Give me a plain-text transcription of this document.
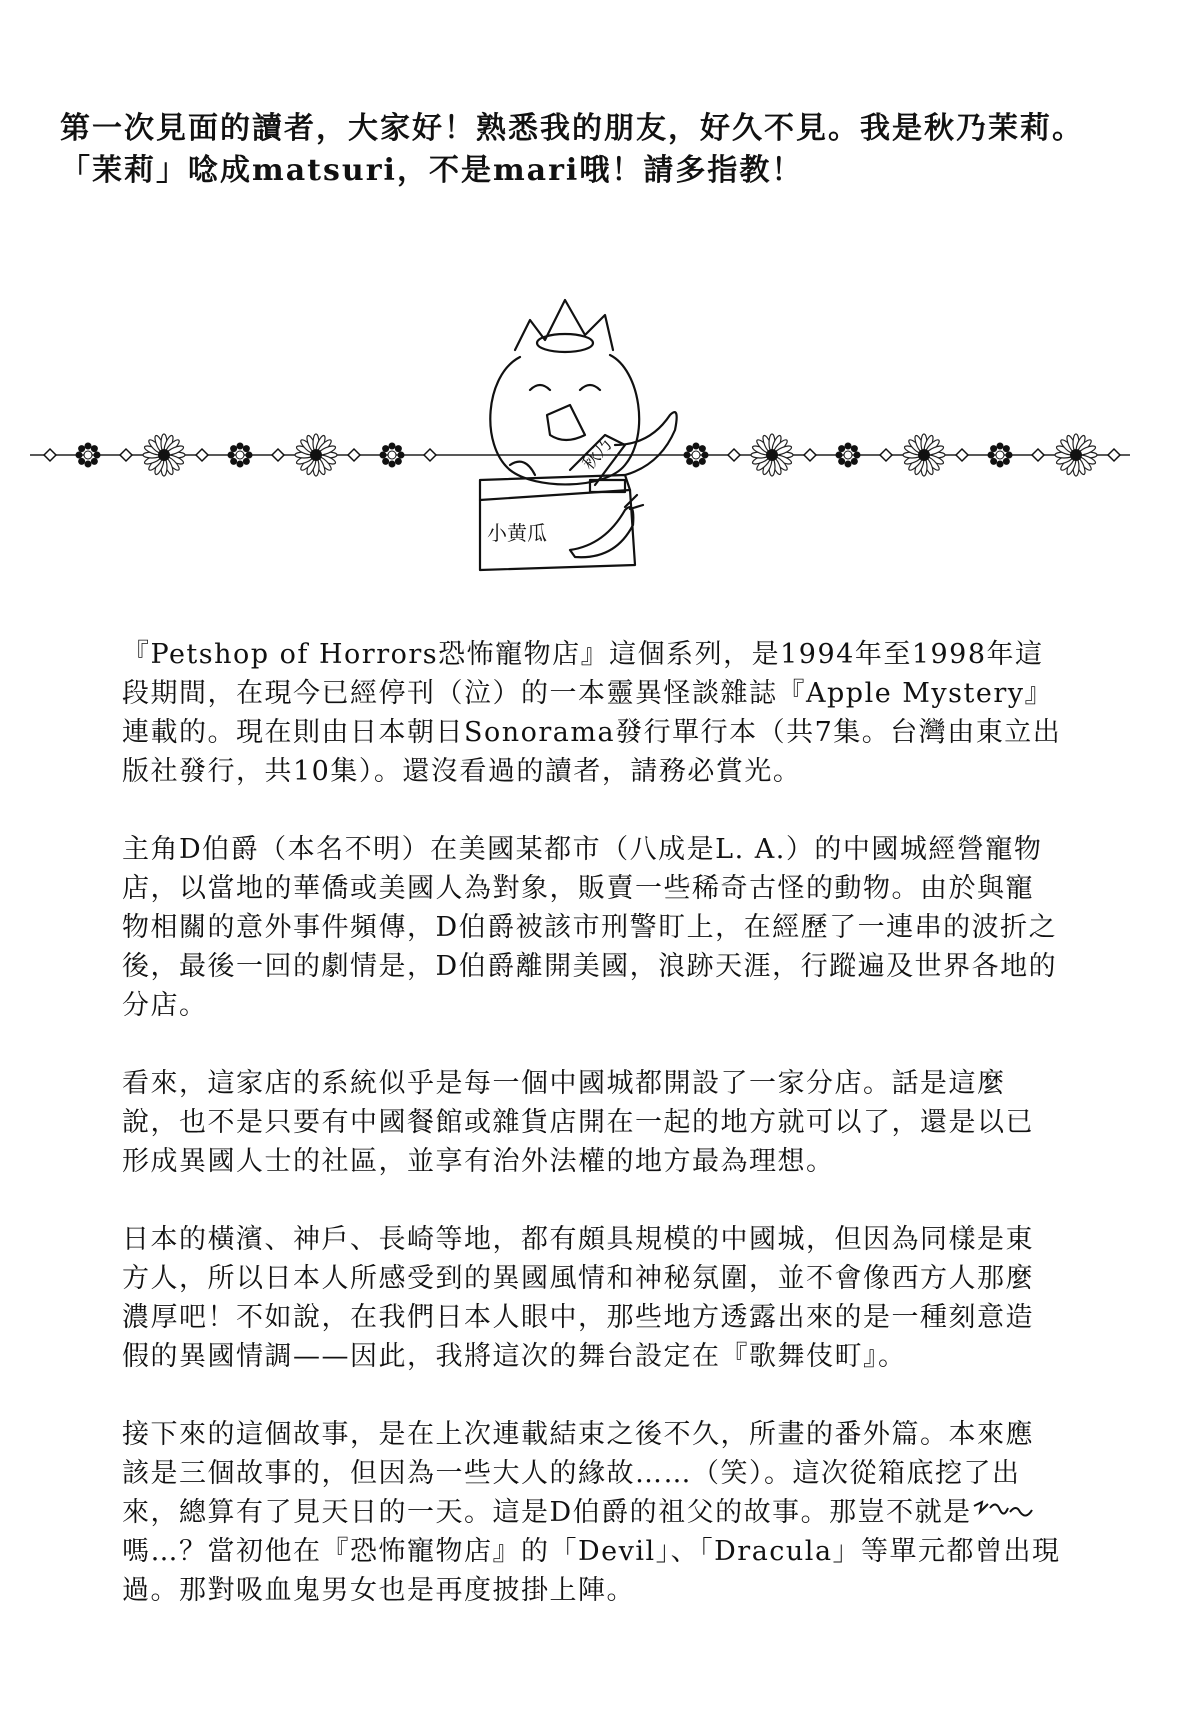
第一次見面的讀者，大家好！熟悉我的朋友，好久不見。我是秋乃茉莉。

「茉莉」唸成matsuri，不是mari哦！請多指教！

秋乃
小黄瓜

『Petshop of Horrors恐怖寵物店』這個系列，是1994年至1998年這段期間，在現今已經停刊（泣）的一本靈異怪談雜誌『Apple Mystery』連載的。現在則由日本朝日Sonorama發行單行本（共7集。台灣由東立出版社發行，共10集）。還沒看過的讀者，請務必賞光。

主角D伯爵（本名不明）在美國某都市（八成是L. A.）的中國城經營寵物店，以當地的華僑或美國人為對象，販賣一些稀奇古怪的動物。由於與寵物相關的意外事件頻傳，D伯爵被該市刑警盯上，在經歷了一連串的波折之後，最後一回的劇情是，D伯爵離開美國，浪跡天涯，行蹤遍及世界各地的分店。

看來，這家店的系統似乎是每一個中國城都開設了一家分店。話是這麼說，也不是只要有中國餐館或雜貨店開在一起的地方就可以了，還是以已形成異國人士的社區，並享有治外法權的地方最為理想。

日本的橫濱、神戶、長崎等地，都有頗具規模的中國城，但因為同樣是東方人，所以日本人所感受到的異國風情和神秘氛圍，並不會像西方人那麼濃厚吧！不如說，在我們日本人眼中，那些地方透露出來的是一種刻意造假的異國情調——因此，我將這次的舞台設定在『歌舞伎町』。

接下來的這個故事，是在上次連載結束之後不久，所畫的番外篇。本來應該是三個故事的，但因為一些大人的緣故……（笑）。這次從箱底挖了出來，總算有了見天日的一天。這是D伯爵的祖父的故事。那豈不就是嗎…？當初他在『恐怖寵物店』的「Devil」、「Dracula」等單元都曾出現過。那對吸血鬼男女也是再度披掛上陣。
